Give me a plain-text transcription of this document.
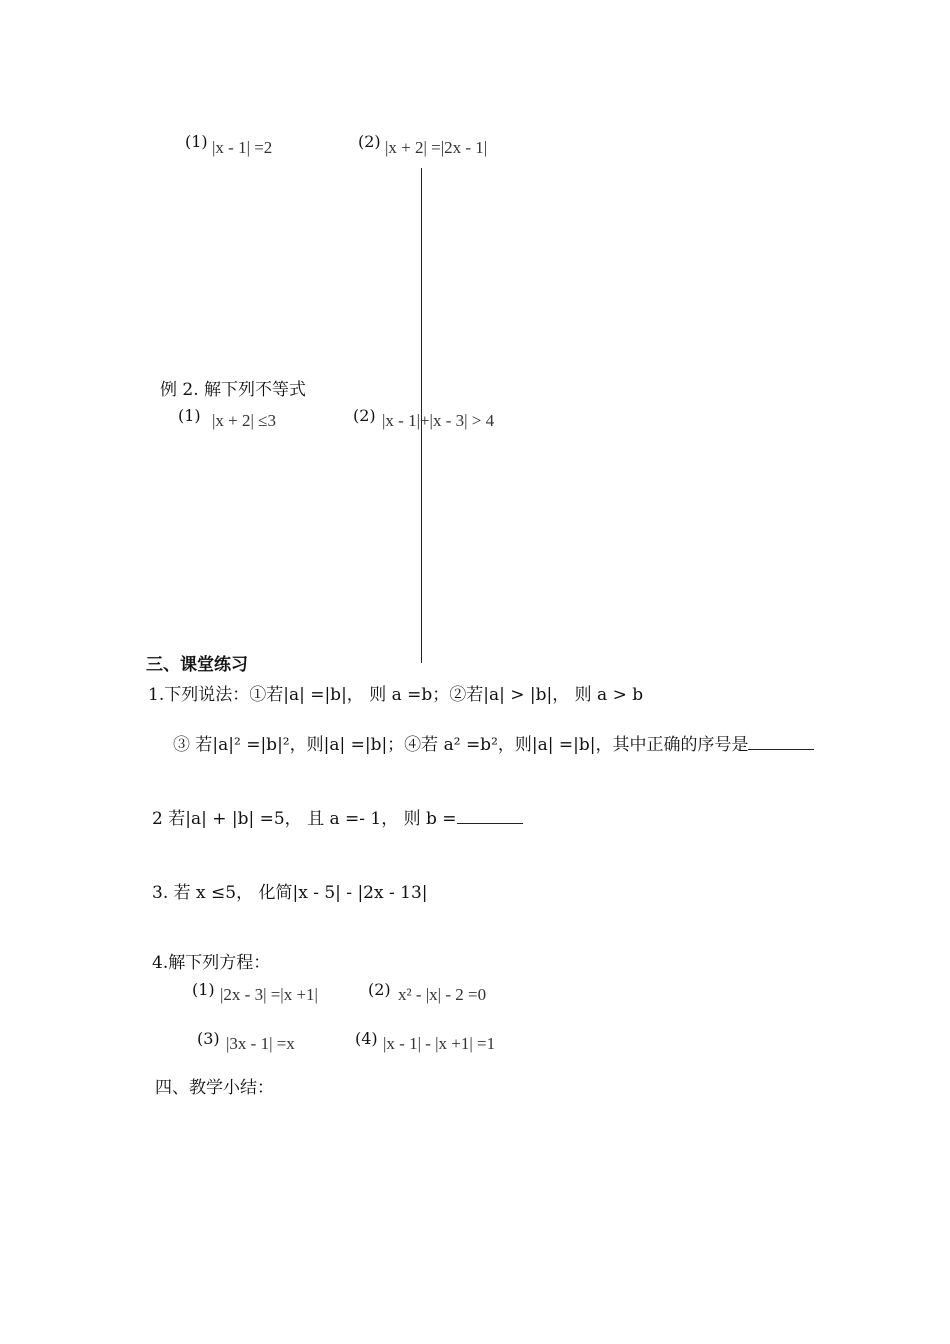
(1) |x - 1| =2	(2) |x + 2| =|2x - 1|
例 2. 解下列不等式
(1) |x + 2| ≤3	(2) |x - 1|+|x - 3| > 4
三、课堂练习
1.下列说法：①若|a| =|b|， 则 a =b；②若|a| > |b|， 则 a > b
③ 若|a|² =|b|²，则|a| =|b|；④若 a² =b²，则|a| =|b|，其中正确的序号是
2 若|a| + |b| =5， 且 a =- 1， 则 b =
3. 若 x ≤5， 化简|x - 5| - |2x - 13|
4.解下列方程：
(1) |2x - 3| =|x +1|	(2) x² - |x| - 2 =0
(3) |3x - 1| =x	(4) |x - 1| - |x +1| =1
四、教学小结：
